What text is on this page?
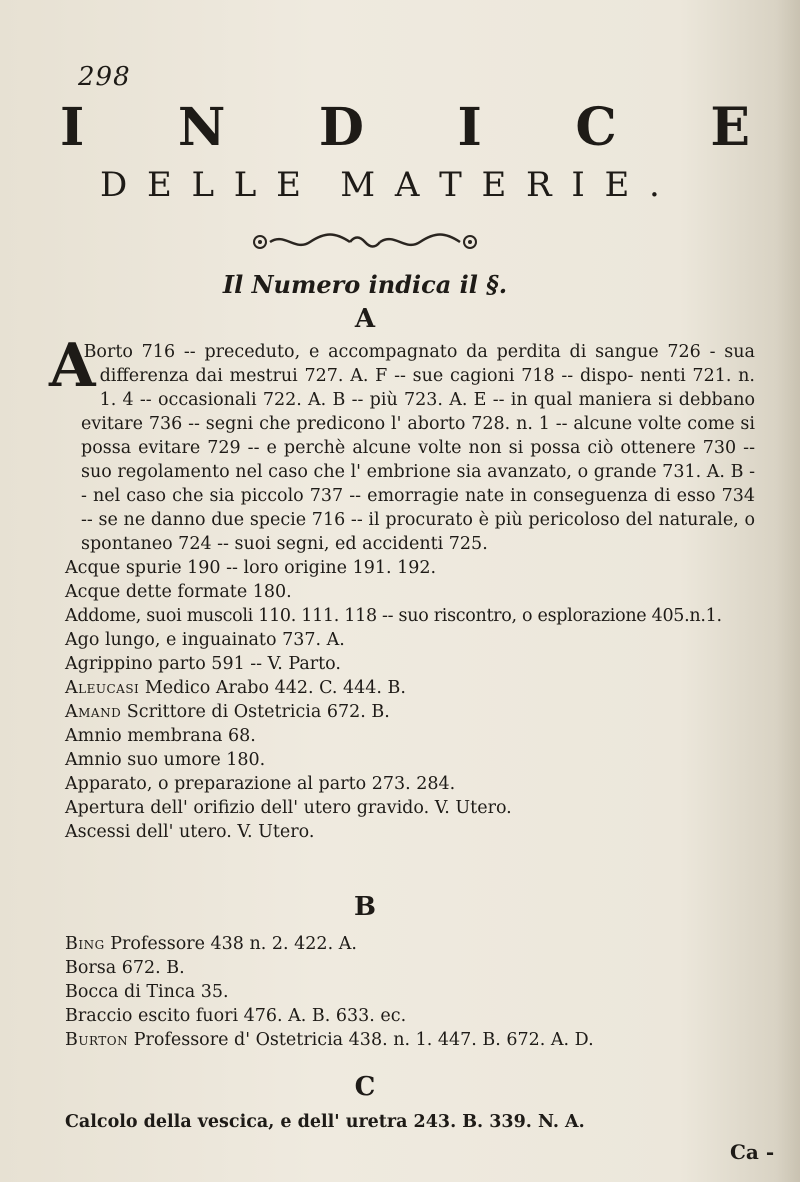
298
I N D I C E
D E L L E M A T E R I E .
Il Numero indica il §.
A
A
Borto 716 -- preceduto, e accompagnato da perdita di sangue 726 - sua differenza dai mestrui 727. A. F -- sue cagioni 718 -- dispo- nenti 721. n. 1. 4 -- occasionali 722. A. B -- più 723. A. E -- in qual maniera si debbano evitare 736 -- segni che predicono l' aborto 728. n. 1 -- alcune volte come si possa evitare 729 -- e perchè alcune volte non si possa ciò ottenere 730 -- suo regolamento nel caso che l' embrione sia avanzato, o grande 731. A. B -- nel caso che sia piccolo 737 -- emorragie nate in conseguenza di esso 734 -- se ne danno due specie 716 -- il procurato è più pericoloso del naturale, o spontaneo 724 -- suoi segni, ed accidenti 725.
Acque spurie 190 -- loro origine 191. 192.
Acque dette formate 180.
Addome, suoi muscoli 110. 111. 118 -- suo riscontro, o esplorazione 405.n.1.
Ago lungo, e inguainato 737. A.
Agrippino parto 591 -- V. Parto.
Aleucasi Medico Arabo 442. C. 444. B.
Amand Scrittore di Ostetricia 672. B.
Amnio membrana 68.
Amnio suo umore 180.
Apparato, o preparazione al parto 273. 284.
Apertura dell' orifizio dell' utero gravido. V. Utero.
Ascessi dell' utero. V. Utero.
B
Bing Professore 438 n. 2. 422. A.
Borsa 672. B.
Bocca di Tinca 35.
Braccio escito fuori 476. A. B. 633. ec.
Burton Professore d' Ostetricia 438. n. 1. 447. B. 672. A. D.
C
Calcolo della vescica, e dell' uretra 243. B. 339. N. A.
Ca -
